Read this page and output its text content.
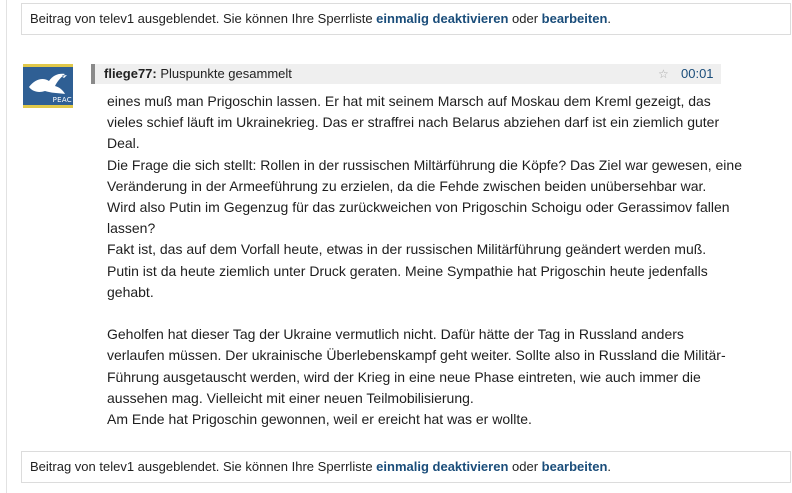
Beitrag von telev1 ausgeblendet. Sie können Ihre Sperrliste einmalig deaktivieren oder bearbeiten.
PEAC
fliege77: Pluspunkte gesammelt	☆ 00:01

eines muß man Prigoschin lassen. Er hat mit seinem Marsch auf Moskau dem Kreml gezeigt, das

vieles schief läuft im Ukrainekrieg. Das er straffrei nach Belarus abziehen darf ist ein ziemlich guter

Deal.

Die Frage die sich stellt: Rollen in der russischen Miltärführung die Köpfe? Das Ziel war gewesen, eine

Veränderung in der Armeeführung zu erzielen, da die Fehde zwischen beiden unübersehbar war.

Wird also Putin im Gegenzug für das zurückweichen von Prigoschin Schoigu oder Gerassimov fallen

lassen?

Fakt ist, das auf dem Vorfall heute, etwas in der russischen Militärführung geändert werden muß.

Putin ist da heute ziemlich unter Druck geraten. Meine Sympathie hat Prigoschin heute jedenfalls

gehabt.

Geholfen hat dieser Tag der Ukraine vermutlich nicht. Dafür hätte der Tag in Russland anders

verlaufen müssen. Der ukrainische Überlebenskampf geht weiter. Sollte also in Russland die Militär-

Führung ausgetauscht werden, wird der Krieg in eine neue Phase eintreten, wie auch immer die

aussehen mag. Vielleicht mit einer neuen Teilmobilisierung.

Am Ende hat Prigoschin gewonnen, weil er ereicht hat was er wollte.

Beitrag von telev1 ausgeblendet. Sie können Ihre Sperrliste einmalig deaktivieren oder bearbeiten.
